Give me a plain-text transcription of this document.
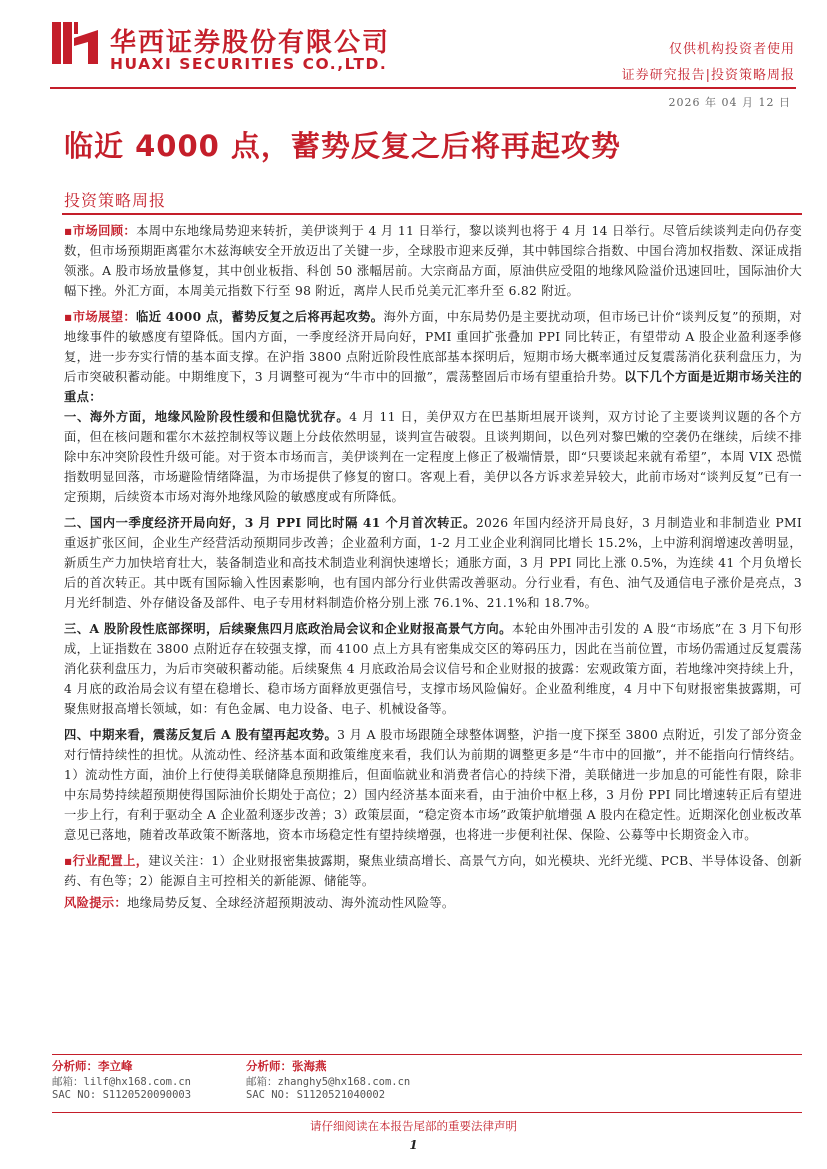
华西证券股份有限公司
HUAXI SECURITIES CO.,LTD.
仅供机构投资者使用
证券研究报告|投资策略周报
2026 年 04 月 12 日
临近 4000 点，蓄势反复之后将再起攻势
投资策略周报

▪市场回顾：本周中东地缘局势迎来转折，美伊谈判于 4 月 11 日举行，黎以谈判也将于 4 月 14 日举行。尽管后续谈判走向仍存变数，但市场预期距离霍尔木兹海峡安全开放迈出了关键一步，全球股市迎来反弹，其中韩国综合指数、中国台湾加权指数、深证成指领涨。A 股市场放量修复，其中创业板指、科创 50 涨幅居前。大宗商品方面，原油供应受阻的地缘风险溢价迅速回吐，国际油价大幅下挫。外汇方面，本周美元指数下行至 98 附近，离岸人民币兑美元汇率升至 6.82 附近。

▪市场展望：临近 4000 点，蓄势反复之后将再起攻势。海外方面，中东局势仍是主要扰动项，但市场已计价“谈判反复”的预期，对地缘事件的敏感度有望降低。国内方面，一季度经济开局向好，PMI 重回扩张叠加 PPI 同比转正，有望带动 A 股企业盈利逐季修复，进一步夯实行情的基本面支撑。在沪指 3800 点附近阶段性底部基本探明后，短期市场大概率通过反复震荡消化获利盘压力，为后市突破积蓄动能。中期维度下，3 月调整可视为“牛市中的回撤”，震荡整固后市场有望重拾升势。以下几个方面是近期市场关注的重点：
一、海外方面，地缘风险阶段性缓和但隐忧犹存。4 月 11 日，美伊双方在巴基斯坦展开谈判，双方讨论了主要谈判议题的各个方面，但在核问题和霍尔木兹控制权等议题上分歧依然明显，谈判宣告破裂。且谈判期间，以色列对黎巴嫩的空袭仍在继续，后续不排除中东冲突阶段性升级可能。对于资本市场而言，美伊谈判在一定程度上修正了极端情景，即“只要谈起来就有希望”，本周 VIX 恐慌指数明显回落，市场避险情绪降温，为市场提供了修复的窗口。客观上看，美伊以各方诉求差异较大，此前市场对“谈判反复”已有一定预期，后续资本市场对海外地缘风险的敏感度或有所降低。

二、国内一季度经济开局向好，3 月 PPI 同比时隔 41 个月首次转正。2026 年国内经济开局良好，3 月制造业和非制造业 PMI 重返扩张区间，企业生产经营活动预期同步改善；企业盈利方面，1-2 月工业企业利润同比增长 15.2%，上中游利润增速改善明显，新质生产力加快培育壮大，装备制造业和高技术制造业利润快速增长；通胀方面，3 月 PPI 同比上涨 0.5%，为连续 41 个月负增长后的首次转正。其中既有国际输入性因素影响，也有国内部分行业供需改善驱动。分行业看，有色、油气及通信电子涨价是亮点，3 月光纤制造、外存储设备及部件、电子专用材料制造价格分别上涨 76.1%、21.1%和 18.7%。

三、A 股阶段性底部探明，后续聚焦四月底政治局会议和企业财报高景气方向。本轮由外围冲击引发的 A 股“市场底”在 3 月下旬形成，上证指数在 3800 点附近存在较强支撑，而 4100 点上方具有密集成交区的筹码压力，因此在当前位置，市场仍需通过反复震荡消化获利盘压力，为后市突破积蓄动能。后续聚焦 4 月底政治局会议信号和企业财报的披露：宏观政策方面，若地缘冲突持续上升，4 月底的政治局会议有望在稳增长、稳市场方面释放更强信号，支撑市场风险偏好。企业盈利维度，4 月中下旬财报密集披露期，可聚焦财报高增长领域，如：有色金属、电力设备、电子、机械设备等。

四、中期来看，震荡反复后 A 股有望再起攻势。3 月 A 股市场跟随全球整体调整，沪指一度下探至 3800 点附近，引发了部分资金对行情持续性的担忧。从流动性、经济基本面和政策维度来看，我们认为前期的调整更多是“牛市中的回撤”，并不能指向行情终结。1）流动性方面，油价上行使得美联储降息预期推后，但面临就业和消费者信心的持续下滑，美联储进一步加息的可能性有限，除非中东局势持续超预期使得国际油价长期处于高位；2）国内经济基本面来看，由于油价中枢上移，3 月份 PPI 同比增速转正后有望进一步上行，有利于驱动全 A 企业盈利逐步改善；3）政策层面，“稳定资本市场”政策护航增强 A 股内在稳定性。近期深化创业板改革意见已落地，随着改革政策不断落地，资本市场稳定性有望持续增强，也将进一步便利社保、保险、公募等中长期资金入市。

▪行业配置上，建议关注：1）企业财报密集披露期，聚焦业绩高增长、高景气方向，如光模块、光纤光缆、PCB、半导体设备、创新药、有色等；2）能源自主可控相关的新能源、储能等。

风险提示：地缘局势反复、全球经济超预期波动、海外流动性风险等。

分析师：李立峰
邮箱：lilf@hx168.com.cn
SAC NO: S1120520090003
分析师：张海燕
邮箱：zhanghy5@hx168.com.cn
SAC NO: S1120521040002
请仔细阅读在本报告尾部的重要法律声明
1
